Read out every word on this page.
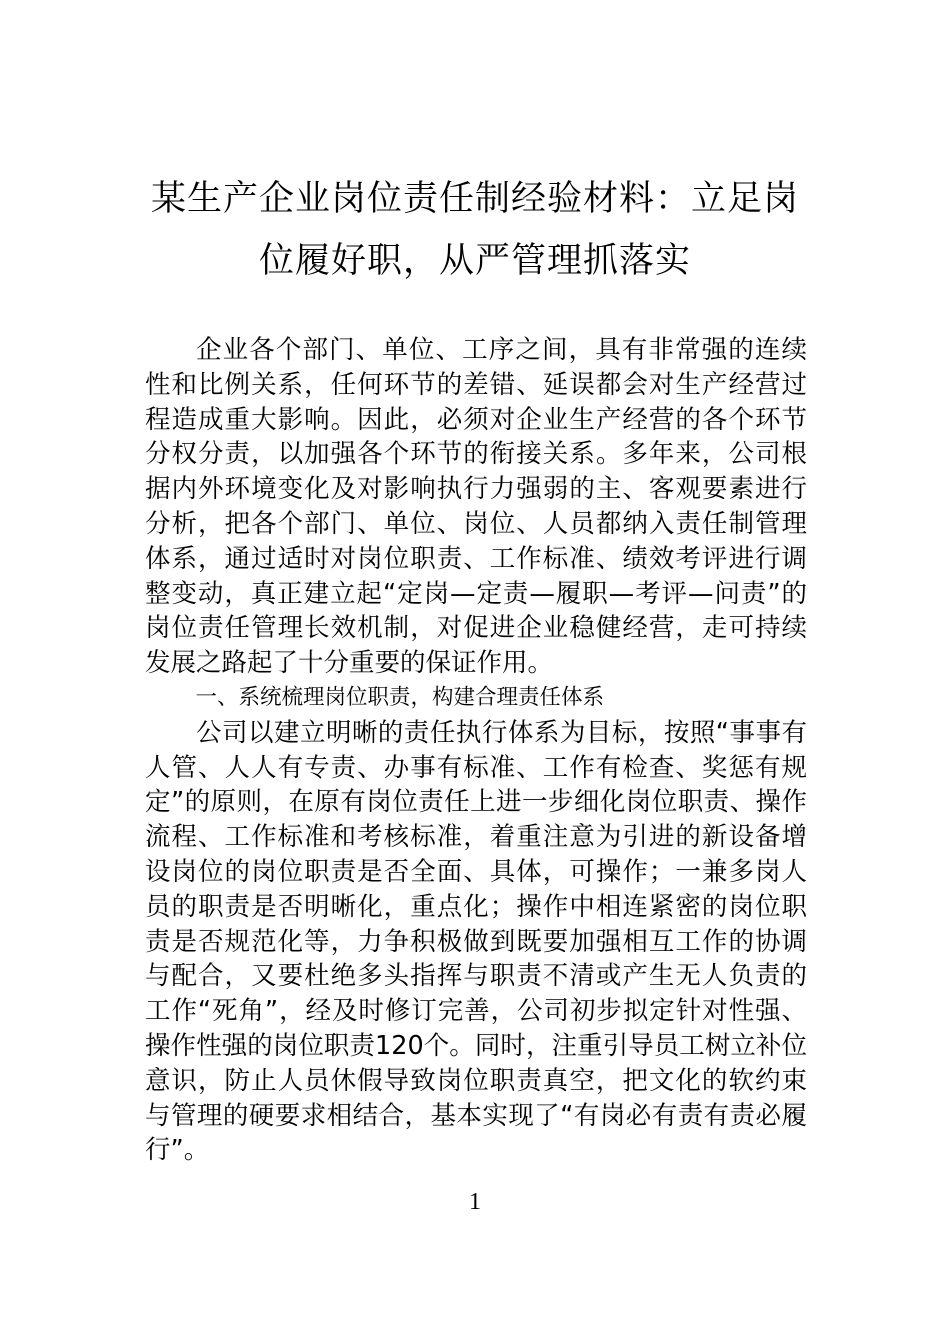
某生产企业岗位责任制经验材料：立足岗位履好职，从严管理抓落实

企业各个部门、单位、工序之间，具有非常强的连续性和比例关系，任何环节的差错、延误都会对生产经营过程造成重大影响。因此，必须对企业生产经营的各个环节分权分责，以加强各个环节的衔接关系。多年来，公司根据内外环境变化及对影响执行力强弱的主、客观要素进行分析，把各个部门、单位、岗位、人员都纳入责任制管理体系，通过适时对岗位职责、工作标准、绩效考评进行调整变动，真正建立起“定岗—定责—履职—考评—问责”的岗位责任管理长效机制，对促进企业稳健经营，走可持续发展之路起了十分重要的保证作用。

一、系统梳理岗位职责，构建合理责任体系

公司以建立明晰的责任执行体系为目标，按照“事事有人管、人人有专责、办事有标准、工作有检查、奖惩有规定”的原则，在原有岗位责任上进一步细化岗位职责、操作流程、工作标准和考核标准，着重注意为引进的新设备增设岗位的岗位职责是否全面、具体，可操作；一兼多岗人员的职责是否明晰化，重点化；操作中相连紧密的岗位职责是否规范化等，力争积极做到既要加强相互工作的协调与配合，又要杜绝多头指挥与职责不清或产生无人负责的工作“死角”，经及时修订完善，公司初步拟定针对性强、操作性强的岗位职责120个。同时，注重引导员工树立补位意识，防止人员休假导致岗位职责真空，把文化的软约束与管理的硬要求相结合，基本实现了“有岗必有责有责必履行”。

1
